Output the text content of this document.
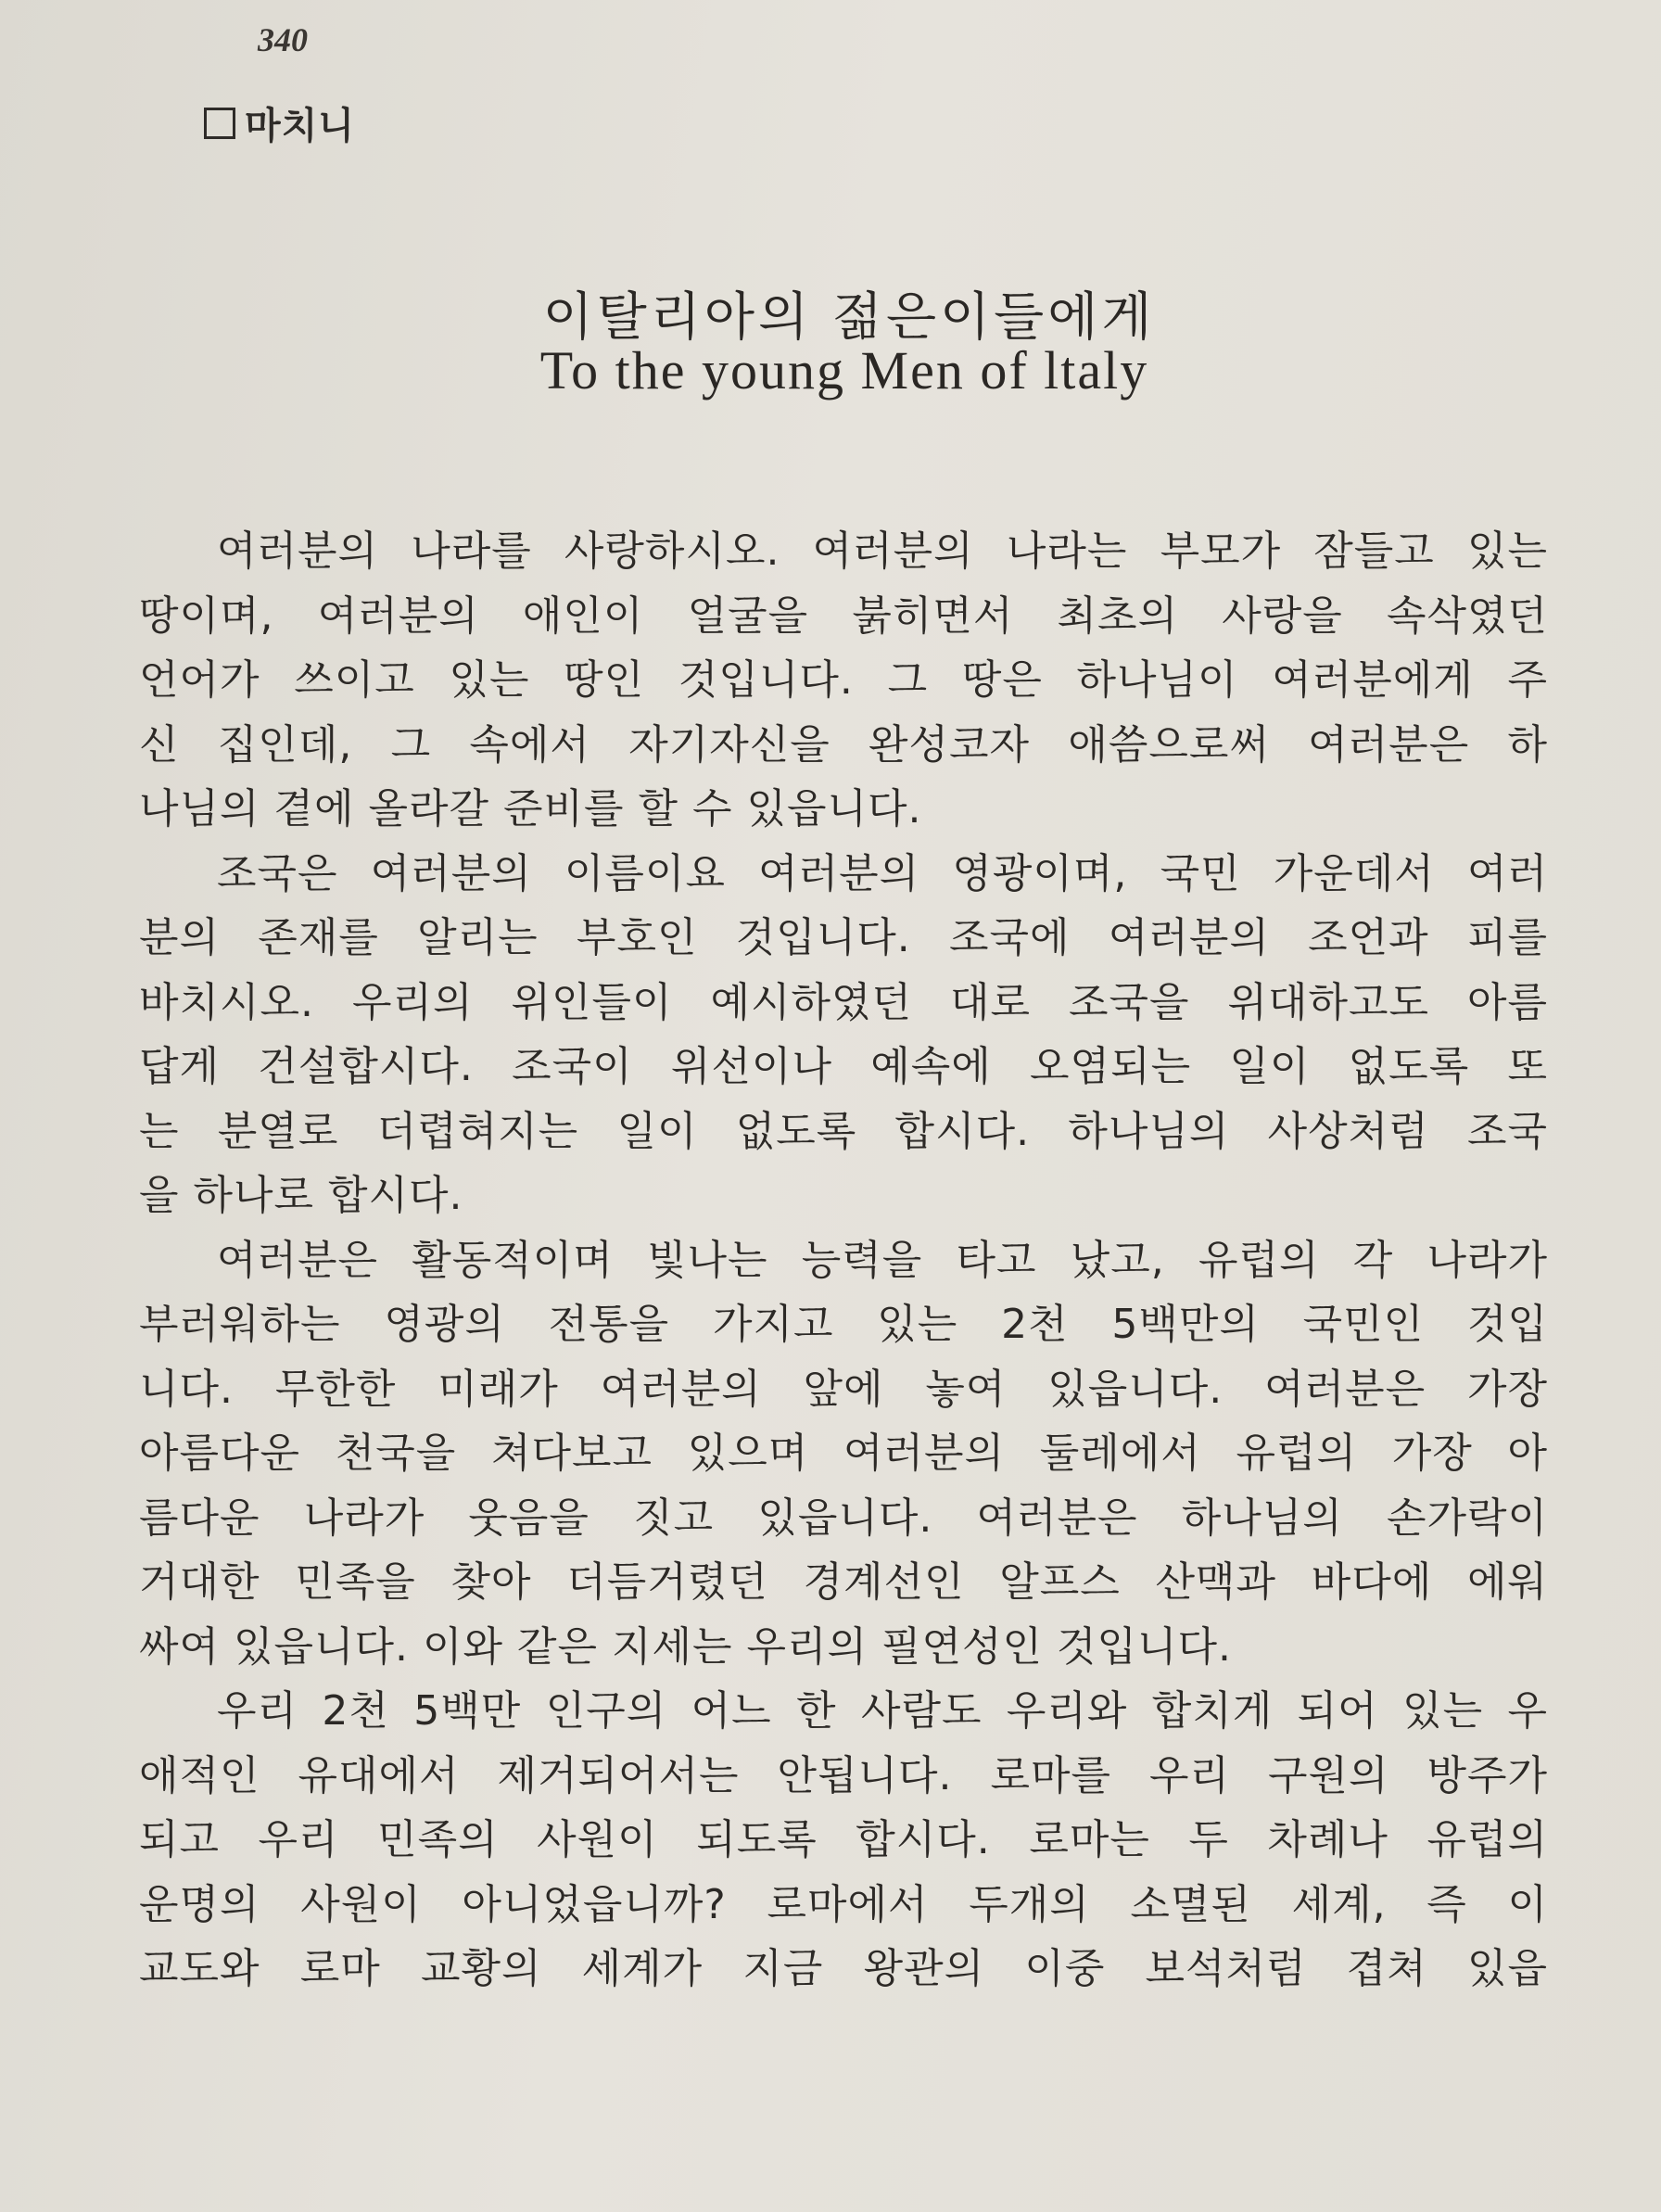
340
마치니
이탈리아의 젊은이들에게
To the young Men of ltaly
여러분의 나라를 사랑하시오. 여러분의 나라는 부모가 잠들고 있는
땅이며, 여러분의 애인이 얼굴을 붉히면서 최초의 사랑을 속삭였던
언어가 쓰이고 있는 땅인 것입니다. 그 땅은 하나님이 여러분에게 주
신 집인데, 그 속에서 자기자신을 완성코자 애씀으로써 여러분은 하
나님의 곁에 올라갈 준비를 할 수 있읍니다.
조국은 여러분의 이름이요 여러분의 영광이며, 국민 가운데서 여러
분의 존재를 알리는 부호인 것입니다. 조국에 여러분의 조언과 피를
바치시오. 우리의 위인들이 예시하였던 대로 조국을 위대하고도 아름
답게 건설합시다. 조국이 위선이나 예속에 오염되는 일이 없도록 또
는 분열로 더렵혀지는 일이 없도록 합시다. 하나님의 사상처럼 조국
을 하나로 합시다.
여러분은 활동적이며 빛나는 능력을 타고 났고, 유럽의 각 나라가
부러워하는 영광의 전통을 가지고 있는 2천 5백만의 국민인 것입
니다. 무한한 미래가 여러분의 앞에 놓여 있읍니다. 여러분은 가장
아름다운 천국을 쳐다보고 있으며 여러분의 둘레에서 유럽의 가장 아
름다운 나라가 웃음을 짓고 있읍니다. 여러분은 하나님의 손가락이
거대한 민족을 찾아 더듬거렸던 경계선인 알프스 산맥과 바다에 에워
싸여 있읍니다. 이와 같은 지세는 우리의 필연성인 것입니다.
우리 2천 5백만 인구의 어느 한 사람도 우리와 합치게 되어 있는 우
애적인 유대에서 제거되어서는 안됩니다. 로마를 우리 구원의 방주가
되고 우리 민족의 사원이 되도록 합시다. 로마는 두 차례나 유럽의
운명의 사원이 아니었읍니까? 로마에서 두개의 소멸된 세계, 즉 이
교도와 로마 교황의 세계가 지금 왕관의 이중 보석처럼 겹쳐 있읍
